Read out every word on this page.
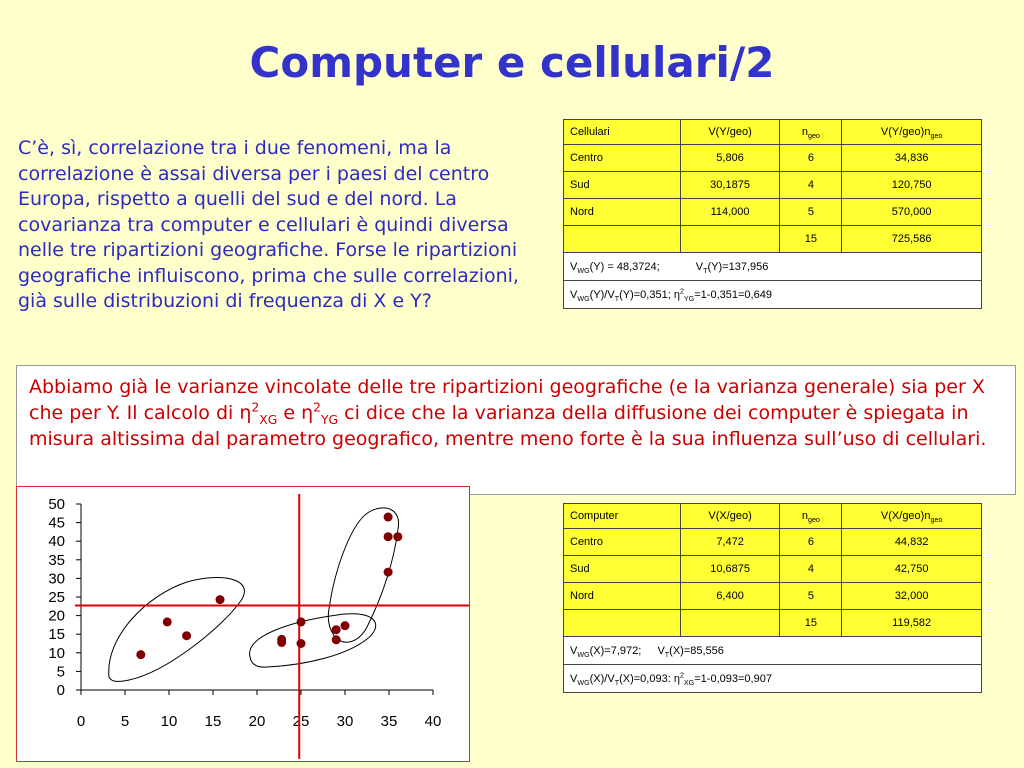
Computer e cellulari/2
C’è, sì, correlazione tra i due fenomeni, ma la correlazione è assai diversa per i paesi del centro Europa, rispetto a quelli del sud e del nord. La covarianza tra computer e cellulari è quindi diversa nelle tre ripartizioni geografiche. Forse le ripartizioni geografiche influiscono, prima che sulle correlazioni, già sulle distribuzioni di frequenza di X e Y?
Cellulari	V(Y/geo)	$n_{geo}$	$V(Y/geo)n_{geo}$
Centro	5,806	6	34,836
Sud	30,1875	4	120,750
Nord	114,000	5	570,000
		15	725,586
$V_{WG}(Y) = 48,3724$; $V_T(Y)=137,956$			
$V_{WG}(Y)/V_T(Y)=0,351$; $\eta^2_{YG}=1-0,351=0,649$			
Abbiamo già le varianze vincolate delle tre ripartizioni geografiche (e la varianza generale) sia per X che per Y. Il calcolo di $\eta^2_{XG}$ e $\eta^2_{YG}$ ci dice che la varianza della diffusione dei computer è spiegata in misura altissima dal parametro geografico, mentre meno forte è la sua influenza sull’uso di cellulari.
Computer	V(X/geo)	$n_{geo}$	$V(X/geo)n_{geo}$
Centro	7,472	6	44,832
Sud	10,6875	4	42,750
Nord	6,400	5	32,000
		15	119,582
$V_{WG}(X)=7,972$; $V_T(X)=85,556$			
$V_{WG}(X)/V_T(X)=0,093$: $\eta^2_{XG}=1-0,093=0,907$			
0 5 10 15 20 25 30 35 40
0
5
10
15
20
25
30
35
40
45
50
